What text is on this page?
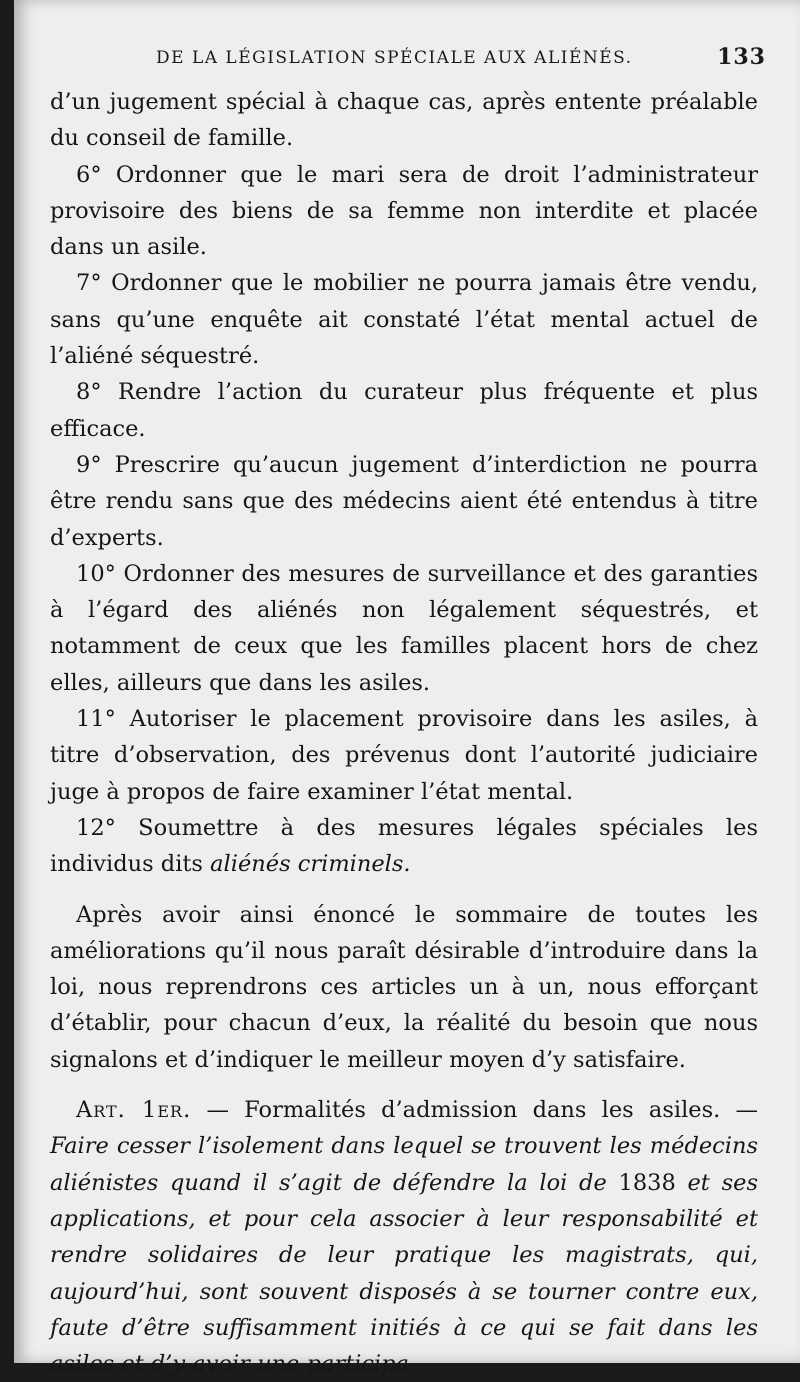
DE LA LÉGISLATION SPÉCIALE AUX ALIÉNÉS.	133

d’un jugement spécial à chaque cas, après entente préalable du conseil de famille.

6° Ordonner que le mari sera de droit l’administrateur provisoire des biens de sa femme non interdite et placée dans un asile.

7° Ordonner que le mobilier ne pourra jamais être vendu, sans qu’une enquête ait constaté l’état mental actuel de l’aliéné séquestré.

8° Rendre l’action du curateur plus fréquente et plus efficace.

9° Prescrire qu’aucun jugement d’interdiction ne pourra être rendu sans que des médecins aient été entendus à titre d’experts.

10° Ordonner des mesures de surveillance et des garanties à l’égard des aliénés non légalement séquestrés, et notamment de ceux que les familles placent hors de chez elles, ailleurs que dans les asiles.

11° Autoriser le placement provisoire dans les asiles, à titre d’observation, des prévenus dont l’autorité judiciaire juge à propos de faire examiner l’état mental.

12° Soumettre à des mesures légales spéciales les individus dits aliénés criminels.

Après avoir ainsi énoncé le sommaire de toutes les améliorations qu’il nous paraît désirable d’introduire dans la loi, nous reprendrons ces articles un à un, nous efforçant d’établir, pour chacun d’eux, la réalité du besoin que nous signalons et d’indiquer le meilleur moyen d’y satisfaire.

Art. 1er. — Formalités d’admission dans les asiles. — Faire cesser l’isolement dans lequel se trouvent les médecins aliénistes quand il s’agit de défendre la loi de 1838 et ses applications, et pour cela associer à leur responsabilité et rendre solidaires de leur pratique les magistrats, qui, aujourd’hui, sont souvent disposés à se tourner contre eux, faute d’être suffisamment initiés à ce qui se fait dans les asiles et d’y avoir une participa-
